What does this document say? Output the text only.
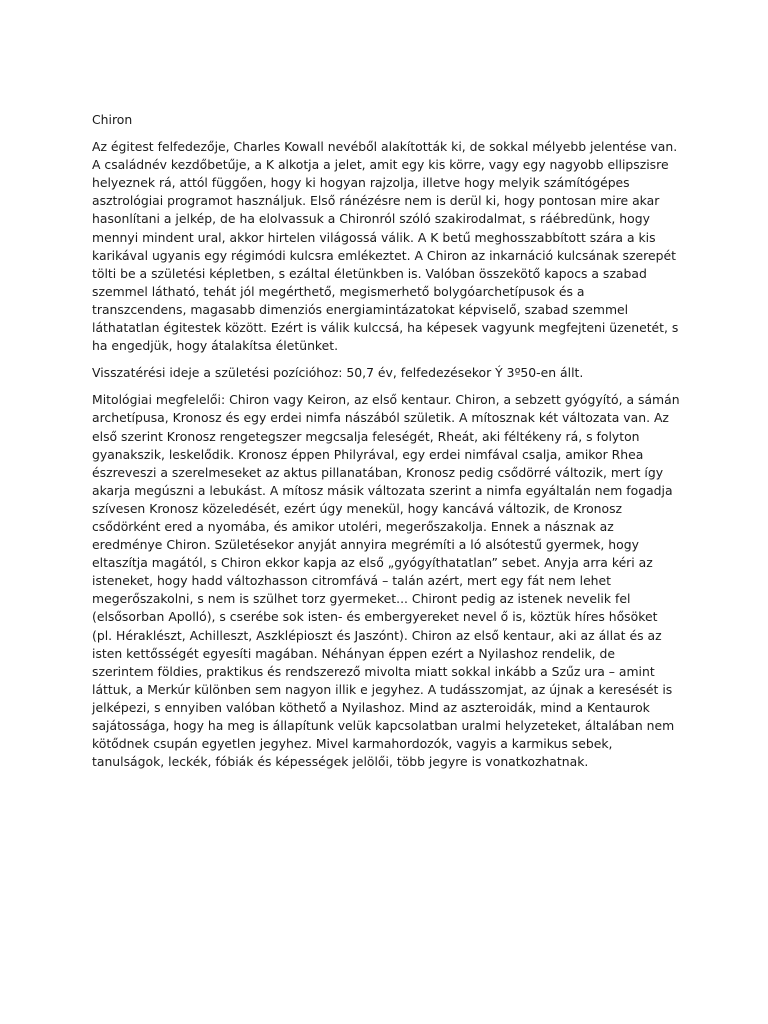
Chiron

Az égitest felfedezője, Charles Kowall nevéből alakították ki, de sokkal mélyebb jelentése van. A családnév kezdőbetűje, a K alkotja a jelet, amit egy kis körre, vagy egy nagyobb ellipszisre helyeznek rá, attól függően, hogy ki hogyan rajzolja, illetve hogy melyik számítógépes asztrológiai programot használjuk. Első ránézésre nem is derül ki, hogy pontosan mire akar hasonlítani a jelkép, de ha elolvassuk a Chironról szóló szakirodalmat, s ráébredünk, hogy mennyi mindent ural, akkor hirtelen világossá válik. A K betű meghosszabbított szára a kis karikával ugyanis egy régimódi kulcsra emlékeztet. A Chiron az inkarnáció kulcsának szerepét tölti be a születési képletben, s ezáltal életünkben is. Valóban összekötő kapocs a szabad szemmel látható, tehát jól megérthető, megismerhető bolygóarchetípusok és a transzcendens, magasabb dimenziós energiamintázatokat képviselő, szabad szemmel láthatatlan égitestek között. Ezért is válik kulccsá, ha képesek vagyunk megfejteni üzenetét, s ha engedjük, hogy átalakítsa életünket.

Visszatérési ideje a születési pozícióhoz: 50,7 év, felfedezésekor Ý 3º50-en állt.

Mitológiai megfelelői: Chiron vagy Keiron, az első kentaur. Chiron, a sebzett gyógyító, a sámán archetípusa, Kronosz és egy erdei nimfa nászából születik. A mítosznak két változata van. Az első szerint Kronosz rengetegszer megcsalja feleségét, Rheát, aki féltékeny rá, s folyton gyanakszik, leskelődik. Kronosz éppen Philyrával, egy erdei nimfával csalja, amikor Rhea észreveszi a szerelmeseket az aktus pillanatában, Kronosz pedig csődörré változik, mert így akarja megúszni a lebukást. A mítosz másik változata szerint a nimfa egyáltalán nem fogadja szívesen Kronosz közeledését, ezért úgy menekül, hogy kancává változik, de Kronosz csődörként ered a nyomába, és amikor utoléri, megerőszakolja. Ennek a násznak az eredménye Chiron. Születésekor anyját annyira megrémíti a ló alsótestű gyermek, hogy eltaszítja magától, s Chiron ekkor kapja az első „gyógyíthatatlan” sebet. Anyja arra kéri az isteneket, hogy hadd változhasson citromfává – talán azért, mert egy fát nem lehet megerőszakolni, s nem is szülhet torz gyermeket... Chiront pedig az istenek nevelik fel (elsősorban Apolló), s cserébe sok isten- és embergyereket nevel ő is, köztük híres hősöket (pl. Héraklészt, Achilleszt, Aszklépioszt és Jaszónt). Chiron az első kentaur, aki az állat és az isten kettősségét egyesíti magában. Néhányan éppen ezért a Nyilashoz rendelik, de szerintem földies, praktikus és rendszerező mivolta miatt sokkal inkább a Szűz ura – amint láttuk, a Merkúr különben sem nagyon illik e jegyhez. A tudásszomjat, az újnak a keresését is jelképezi, s ennyiben valóban köthető a Nyilashoz. Mind az aszteroidák, mind a Kentaurok sajátossága, hogy ha meg is állapítunk velük kapcsolatban uralmi helyzeteket, általában nem kötődnek csupán egyetlen jegyhez. Mivel karmahordozók, vagyis a karmikus sebek, tanulságok, leckék, fóbiák és képességek jelölői, több jegyre is vonatkozhatnak.
